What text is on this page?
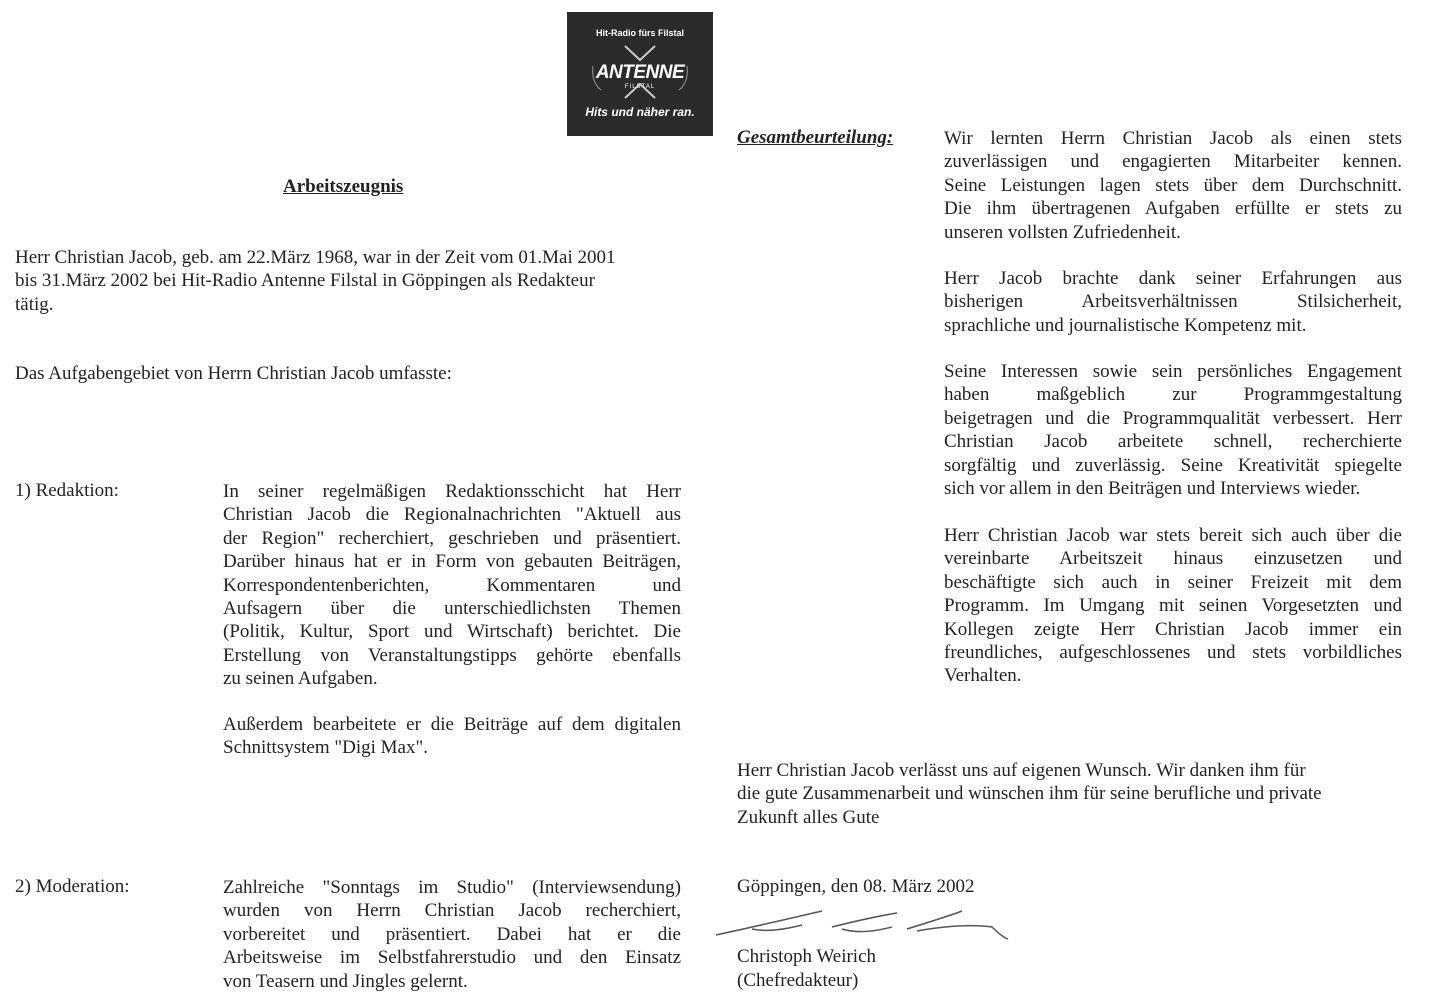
Hit-Radio fürs Filstal
ANTENNE
FILSTAL
Hits und näher ran.
Arbeitszeugnis
Herr Christian Jacob, geb. am 22.März 1968, war in der Zeit vom 01.Mai 2001
bis 31.März 2002 bei Hit-Radio Antenne Filstal in Göppingen als Redakteur
tätig.
Das Aufgabengebiet von Herrn Christian Jacob umfasste:
1) Redaktion:	In seiner regelmäßigen Redaktionsschicht hat Herr
Christian Jacob die Regionalnachrichten "Aktuell aus
der Region" recherchiert, geschrieben und präsentiert.
Darüber hinaus hat er in Form von gebauten Beiträgen,
Korrespondentenberichten, Kommentaren und
Aufsagern über die unterschiedlichsten Themen
(Politik, Kultur, Sport und Wirtschaft) berichtet. Die
Erstellung von Veranstaltungstipps gehörte ebenfalls
zu seinen Aufgaben.
Außerdem bearbeitete er die Beiträge auf dem digitalen
Schnittsystem "Digi Max".
2) Moderation:	Zahlreiche "Sonntags im Studio" (Interviewsendung)
wurden von Herrn Christian Jacob recherchiert,
vorbereitet und präsentiert. Dabei hat er die
Arbeitsweise im Selbstfahrerstudio und den Einsatz
von Teasern und Jingles gelernt.
Gesamtbeurteilung:	Wir lernten Herrn Christian Jacob als einen stets
zuverlässigen und engagierten Mitarbeiter kennen.
Seine Leistungen lagen stets über dem Durchschnitt.
Die ihm übertragenen Aufgaben erfüllte er stets zu
unseren vollsten Zufriedenheit.
Herr Jacob brachte dank seiner Erfahrungen aus
bisherigen Arbeitsverhältnissen Stilsicherheit,
sprachliche und journalistische Kompetenz mit.
Seine Interessen sowie sein persönliches Engagement
haben maßgeblich zur Programmgestaltung
beigetragen und die Programmqualität verbessert. Herr
Christian Jacob arbeitete schnell, recherchierte
sorgfältig und zuverlässig. Seine Kreativität spiegelte
sich vor allem in den Beiträgen und Interviews wieder.
Herr Christian Jacob war stets bereit sich auch über die
vereinbarte Arbeitszeit hinaus einzusetzen und
beschäftigte sich auch in seiner Freizeit mit dem
Programm. Im Umgang mit seinen Vorgesetzten und
Kollegen zeigte Herr Christian Jacob immer ein
freundliches, aufgeschlossenes und stets vorbildliches
Verhalten.
Herr Christian Jacob verlässt uns auf eigenen Wunsch. Wir danken ihm für
die gute Zusammenarbeit und wünschen ihm für seine berufliche und private
Zukunft alles Gute
Göppingen, den 08. März 2002
Christoph Weirich
(Chefredakteur)
